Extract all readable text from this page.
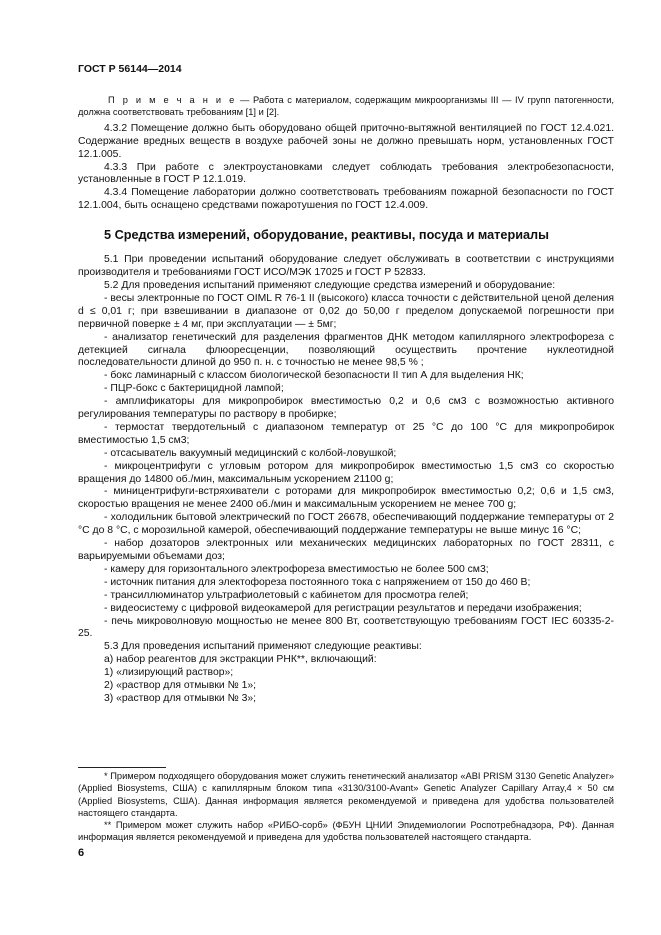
ГОСТ Р 56144—2014

П р и м е ч а н и е — Работа с материалом, содержащим микроорганизмы III — IV групп патогенности, должна соответствовать требованиям [1] и [2].

4.3.2 Помещение должно быть оборудовано общей приточно-вытяжной вентиляцией по ГОСТ 12.4.021. Содержание вредных веществ в воздухе рабочей зоны не должно превышать норм, установленных ГОСТ 12.1.005.

4.3.3 При работе с электроустановками следует соблюдать требования электробезопасности, установленные в ГОСТ Р 12.1.019.

4.3.4 Помещение лаборатории должно соответствовать требованиям пожарной безопасности по ГОСТ 12.1.004, быть оснащено средствами пожаротушения по ГОСТ 12.4.009.

5 Средства измерений, оборудование, реактивы, посуда и материалы

5.1 При проведении испытаний оборудование следует обслуживать в соответствии с инструкциями производителя и требованиями ГОСТ ИСО/МЭК 17025 и ГОСТ Р 52833.

5.2 Для проведения испытаний применяют следующие средства измерений и оборудование:

- весы электронные по ГОСТ OIML R 76-1 II (высокого) класса точности с действительной ценой деления d ≤ 0,01 г; при взвешивании в диапазоне от 0,02 до 50,00 г пределом допускаемой погрешности при первичной поверке ± 4 мг, при эксплуатации — ± 5мг;

- анализатор генетический для разделения фрагментов ДНК методом капиллярного электрофореза с детекцией сигнала флюоресценции, позволяющий осуществить прочтение нуклеотидной последовательности длиной до 950 п. н. с точностью не менее 98,5 % ;

- бокс ламинарный с классом биологической безопасности II тип А для выделения НК;

- ПЦР-бокс с бактерицидной лампой;

- амплификаторы для микропробирок вместимостью 0,2 и 0,6 см3 с возможностью активного регулирования температуры по раствору в пробирке;

- термостат твердотельный с диапазоном температур от 25 °С до 100 °С для микропробирок вместимостью 1,5 см3;

- отсасыватель вакуумный медицинский с колбой-ловушкой;

- микроцентрифуги с угловым ротором для микропробирок вместимостью 1,5 см3 со скоростью вращения до 14800 об./мин, максимальным ускорением 21100 g;

- миницентрифуги-встряхиватели с роторами для микропробирок вместимостью 0,2; 0,6 и 1,5 см3, скоростью вращения не менее 2400 об./мин и максимальным ускорением не менее 700 g;

- холодильник бытовой электрический по ГОСТ 26678, обеспечивающий поддержание температуры от 2 °С до 8 °С, с морозильной камерой, обеспечивающий поддержание температуры не выше минус 16 °С;

- набор дозаторов электронных или механических медицинских лабораторных по ГОСТ 28311, с варьируемыми объемами доз;

- камеру для горизонтального электрофореза вместимостью не более 500 см3;

- источник питания для электофореза постоянного тока с напряжением от 150 до 460 В;

- трансиллюминатор ультрафиолетовый с кабинетом для просмотра гелей;

- видеосистему с цифровой видеокамерой для регистрации результатов и передачи изображения;

- печь микроволновую мощностью не менее 800 Вт, соответствующую требованиям ГОСТ IEC 60335-2-25.

5.3 Для проведения испытаний применяют следующие реактивы:

а) набор реагентов для экстракции РНК**, включающий:

1) «лизирующий раствор»;

2) «раствор для отмывки № 1»;

3) «раствор для отмывки № 3»;

* Примером подходящего оборудования может служить генетический анализатор «ABI PRISM 3130 Genetic Analyzer» (Applied Biosystems, США) с капиллярным блоком типа «3130/3100-Avant» Genetic Analyzer Capillary Array,4 × 50 см (Applied Biosystems, США). Данная информация является рекомендуемой и приведена для удобства пользователей настоящего стандарта.

** Примером может служить набор «РИБО-сорб» (ФБУН ЦНИИ Эпидемиологии Роспотребнадзора, РФ). Данная информация является рекомендуемой и приведена для удобства пользователей настоящего стандарта.

6
